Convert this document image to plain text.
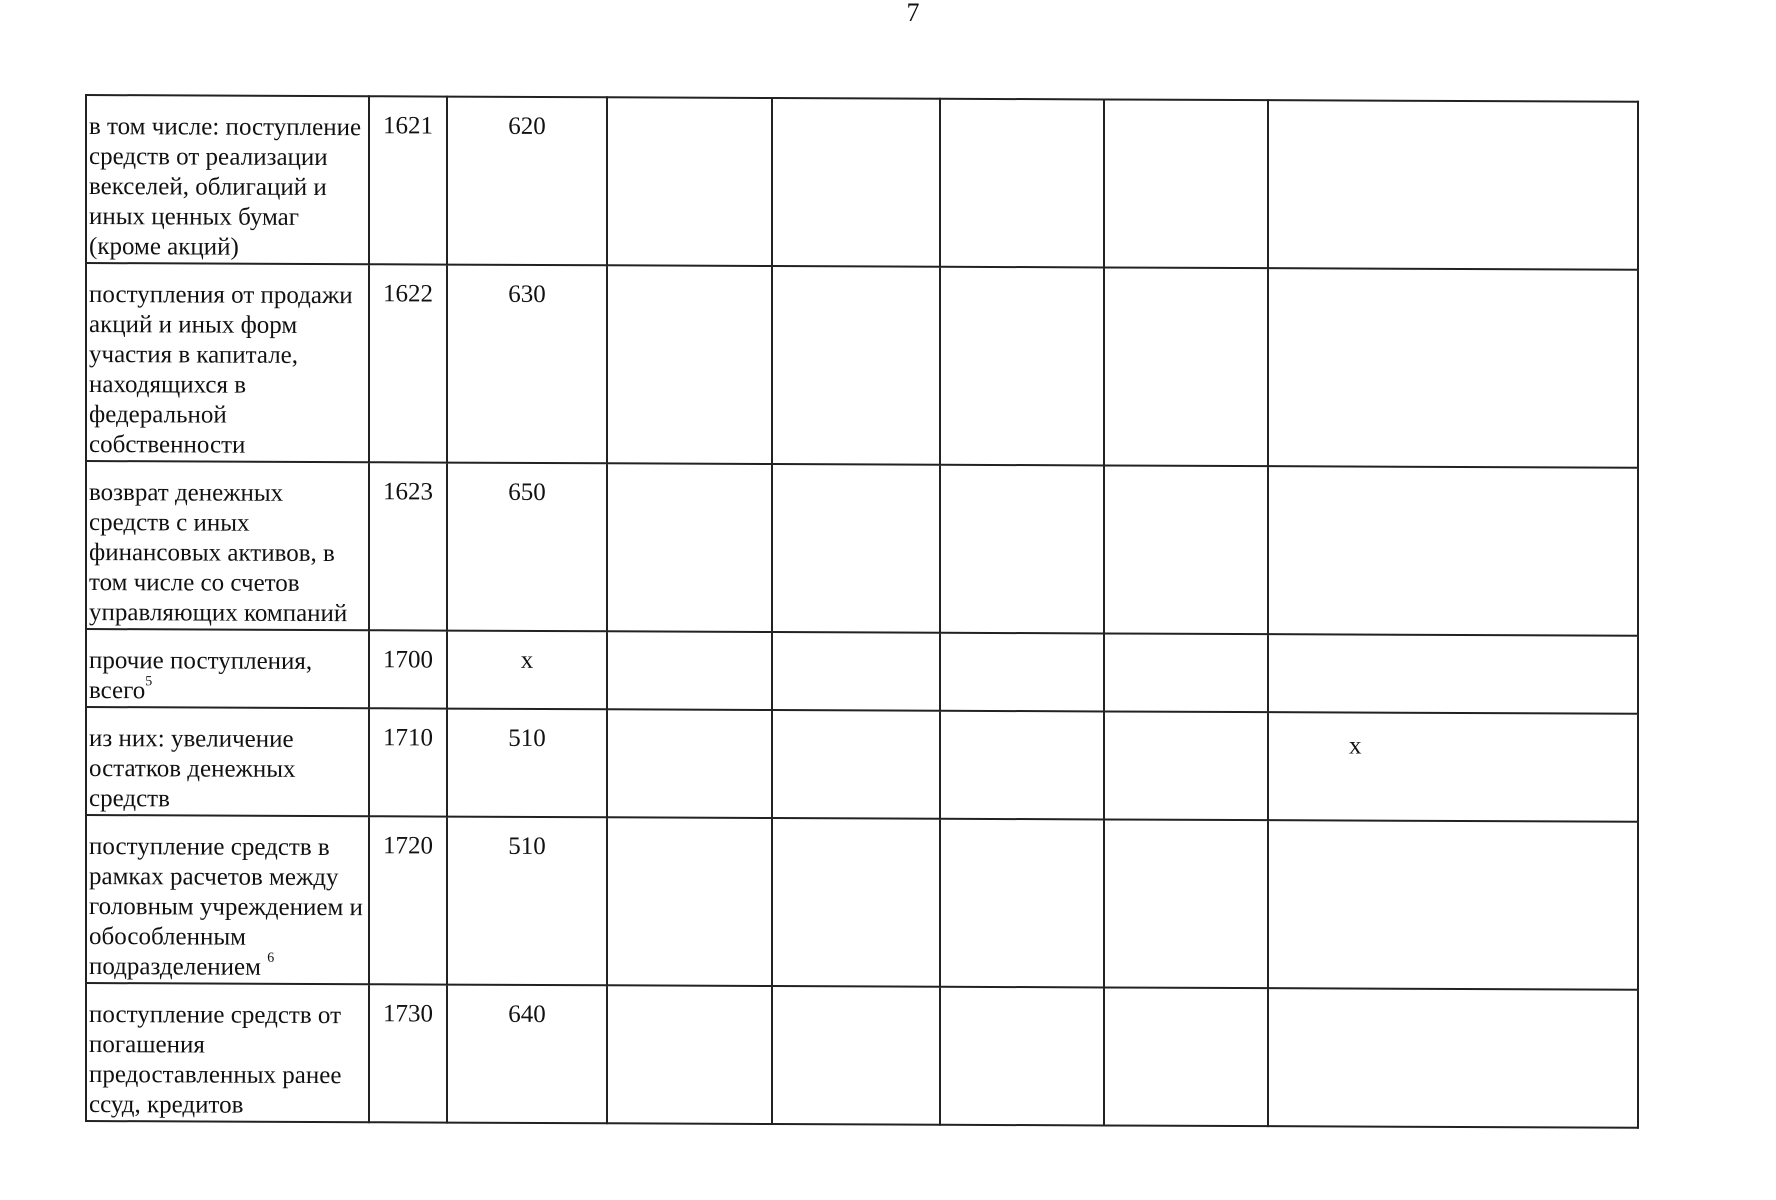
7
в том числе: поступление средств от реализации векселей, облигаций и иных ценных бумаг (кроме акций)	1621	620					
поступления от продажи акций и иных форм участия в капитале, находящихся в федеральной собственности	1622	630					
возврат денежных средств с иных финансовых активов, в том числе со счетов управляющих компаний	1623	650					
прочие поступления, всего$^5$	1700	x					
из них: увеличение остатков денежных средств	1710	510					x
поступление средств в рамках расчетов между головным учреждением и обособленным подразделением $^6$	1720	510					
поступление средств от погашения предоставленных ранее ссуд, кредитов	1730	640					
